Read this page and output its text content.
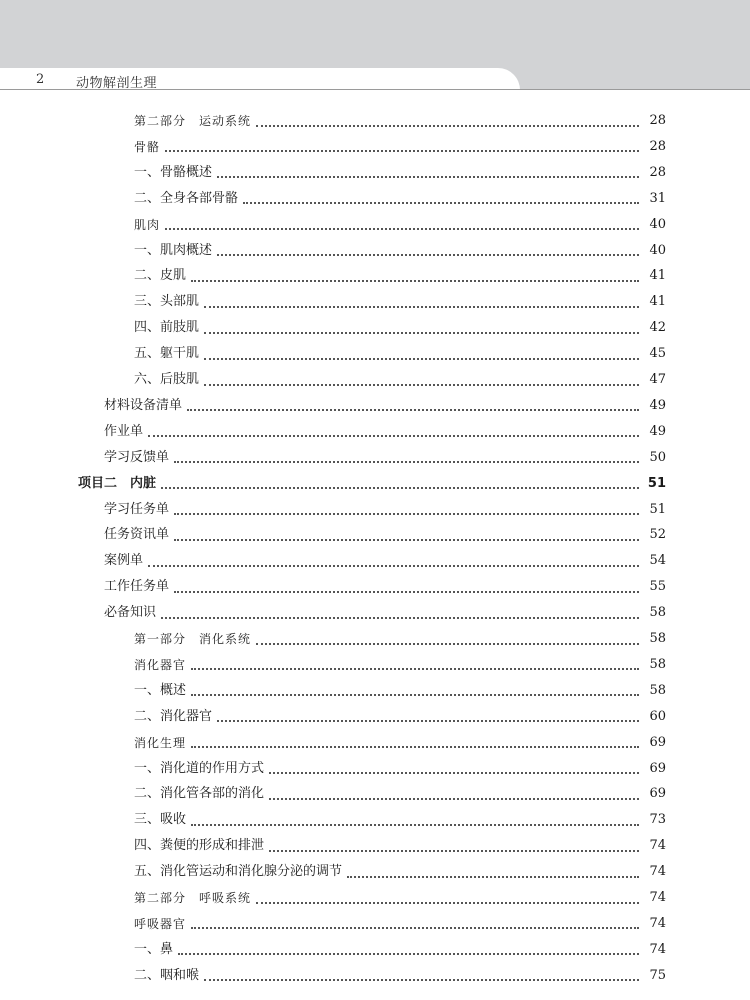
2 动物解剖生理
第二部分　运动系统	28
骨骼	28
一、骨骼概述	28
二、全身各部骨骼	31
肌肉	40
一、肌肉概述	40
二、皮肌	41
三、头部肌	41
四、前肢肌	42
五、躯干肌	45
六、后肢肌	47
材料设备清单	49
作业单	49
学习反馈单	50
项目二　内脏	51
学习任务单	51
任务资讯单	52
案例单	54
工作任务单	55
必备知识	58
第一部分　消化系统	58
消化器官	58
一、概述	58
二、消化器官	60
消化生理	69
一、消化道的作用方式	69
二、消化管各部的消化	69
三、吸收	73
四、粪便的形成和排泄	74
五、消化管运动和消化腺分泌的调节	74
第二部分　呼吸系统	74
呼吸器官	74
一、鼻	74
二、咽和喉	75
